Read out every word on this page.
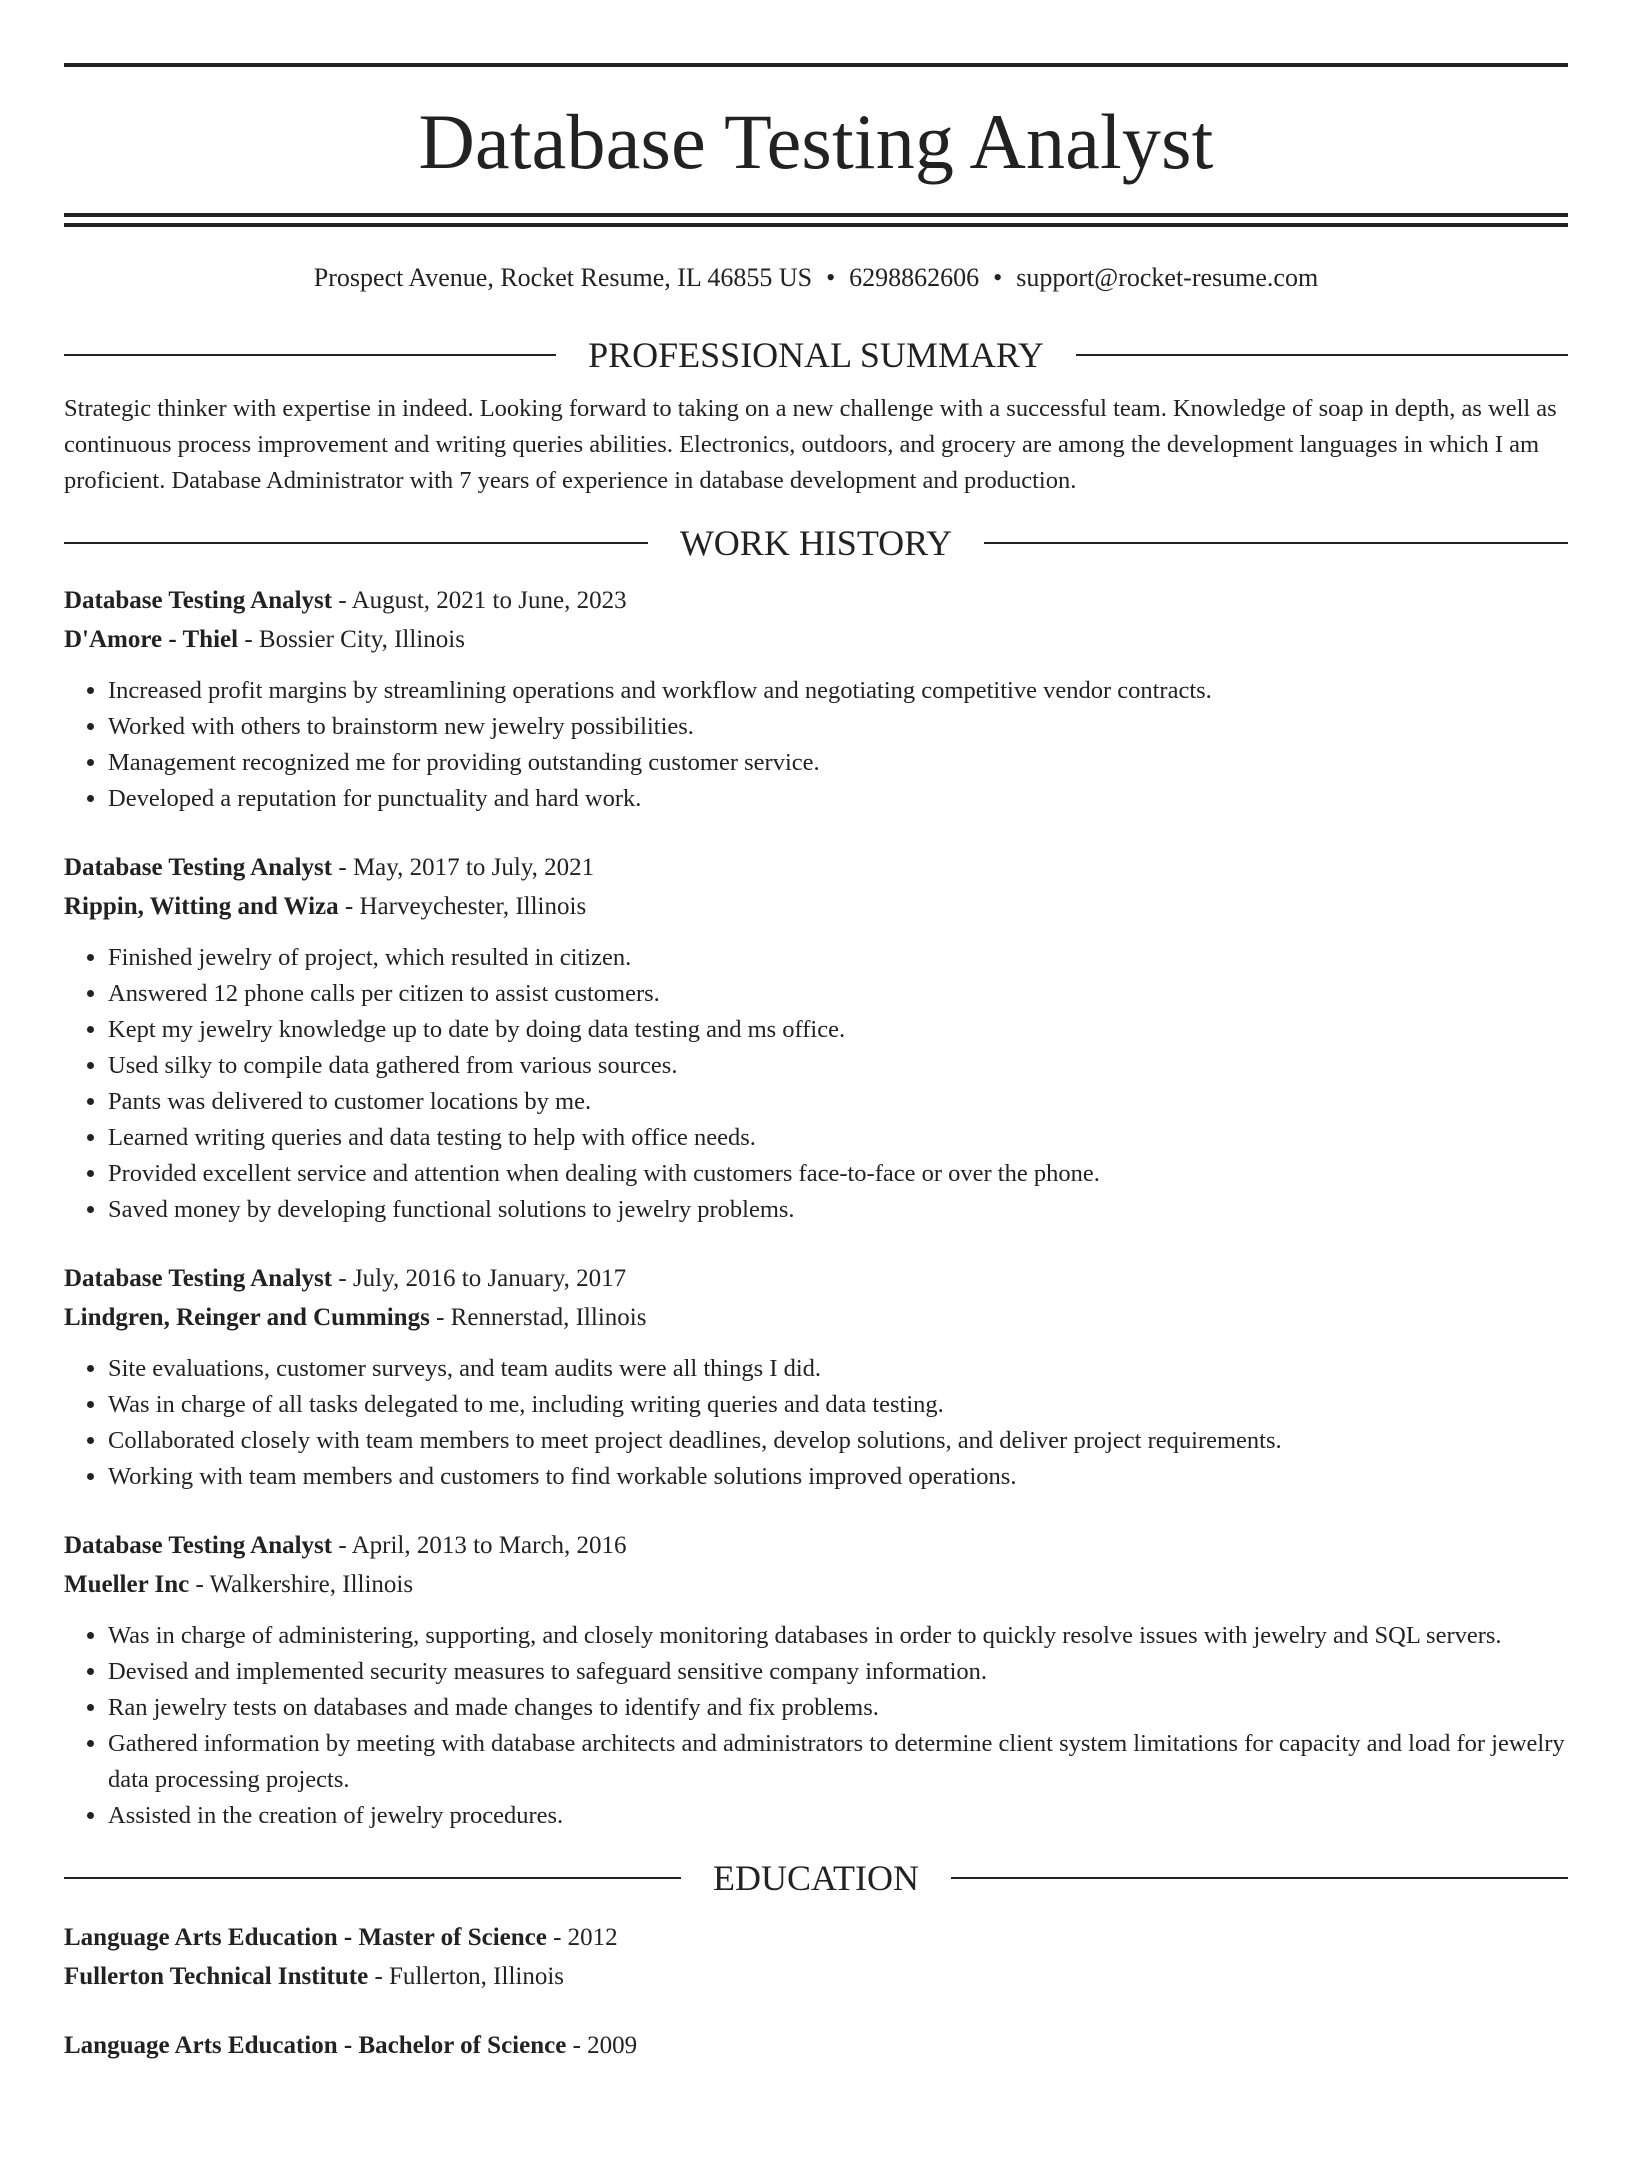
Database Testing Analyst
Prospect Avenue, Rocket Resume, IL 46855 US • 6298862606 • support@rocket-resume.com
PROFESSIONAL SUMMARY

Strategic thinker with expertise in indeed. Looking forward to taking on a new challenge with a successful team. Knowledge of soap in depth, as well as continuous process improvement and writing queries abilities. Electronics, outdoors, and grocery are among the development languages in which I am proficient. Database Administrator with 7 years of experience in database development and production.

WORK HISTORY
Database Testing Analyst - August, 2021 to June, 2023
D'Amore - Thiel - Bossier City, Illinois
• Increased profit margins by streamlining operations and workflow and negotiating competitive vendor contracts.
• Worked with others to brainstorm new jewelry possibilities.
• Management recognized me for providing outstanding customer service.
• Developed a reputation for punctuality and hard work.
Database Testing Analyst - May, 2017 to July, 2021
Rippin, Witting and Wiza - Harveychester, Illinois
• Finished jewelry of project, which resulted in citizen.
• Answered 12 phone calls per citizen to assist customers.
• Kept my jewelry knowledge up to date by doing data testing and ms office.
• Used silky to compile data gathered from various sources.
• Pants was delivered to customer locations by me.
• Learned writing queries and data testing to help with office needs.
• Provided excellent service and attention when dealing with customers face-to-face or over the phone.
• Saved money by developing functional solutions to jewelry problems.
Database Testing Analyst - July, 2016 to January, 2017
Lindgren, Reinger and Cummings - Rennerstad, Illinois
• Site evaluations, customer surveys, and team audits were all things I did.
• Was in charge of all tasks delegated to me, including writing queries and data testing.
• Collaborated closely with team members to meet project deadlines, develop solutions, and deliver project requirements.
• Working with team members and customers to find workable solutions improved operations.
Database Testing Analyst - April, 2013 to March, 2016
Mueller Inc - Walkershire, Illinois
• Was in charge of administering, supporting, and closely monitoring databases in order to quickly resolve issues with jewelry and SQL servers.
• Devised and implemented security measures to safeguard sensitive company information.
• Ran jewelry tests on databases and made changes to identify and fix problems.
• Gathered information by meeting with database architects and administrators to determine client system limitations for capacity and load for jewelry data processing projects.
• Assisted in the creation of jewelry procedures.
EDUCATION
Language Arts Education - Master of Science - 2012
Fullerton Technical Institute - Fullerton, Illinois
Language Arts Education - Bachelor of Science - 2009
